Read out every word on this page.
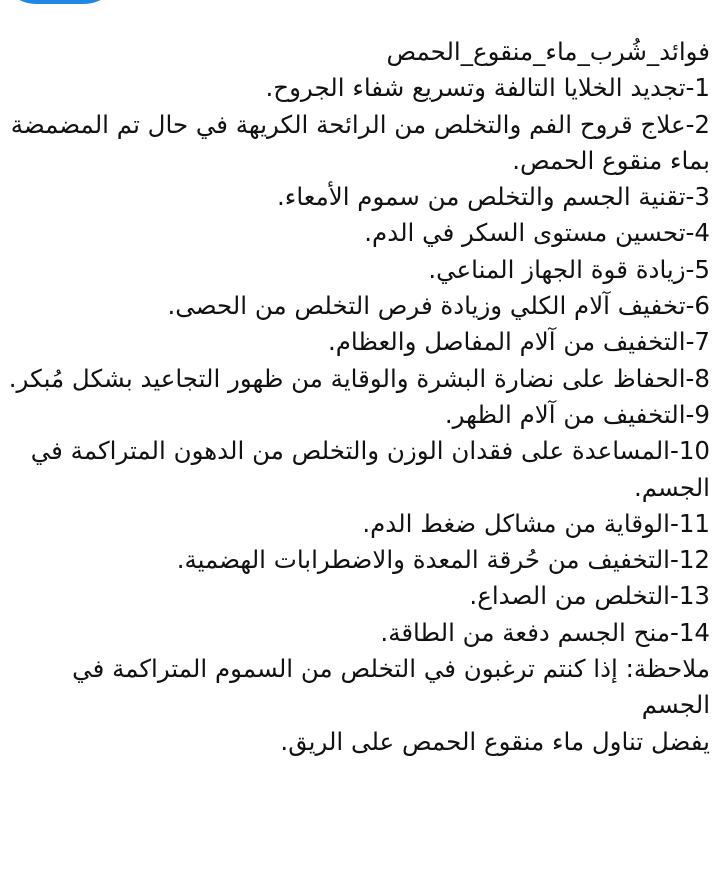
فوائد_شُرب_ماء_منقوع_الحمص

1-تجديد الخلايا التالفة وتسريع شفاء الجروح.
2-علاج قروح الفم والتخلص من الرائحة الكريهة في حال تم المضمضة بماء منقوع الحمص.
3-تقنية الجسم والتخلص من سموم الأمعاء.
4-تحسين مستوى السكر في الدم.
5-زيادة قوة الجهاز المناعي.
6-تخفيف آلام الكلي وزيادة فرص التخلص من الحصى.
7-التخفيف من آلام المفاصل والعظام.
8-الحفاظ على نضارة البشرة والوقاية من ظهور التجاعيد بشكل مُبكر.
9-التخفيف من آلام الظهر.
10-المساعدة على فقدان الوزن والتخلص من الدهون المتراكمة في الجسم.
11-الوقاية من مشاكل ضغط الدم.
12-التخفيف من حُرقة المعدة والاضطرابات الهضمية.
13-التخلص من الصداع.
14-منح الجسم دفعة من الطاقة.

ملاحظة: إذا كنتم ترغبون في التخلص من السموم المتراكمة في الجسم

يفضل تناول ماء منقوع الحمص على الريق.
